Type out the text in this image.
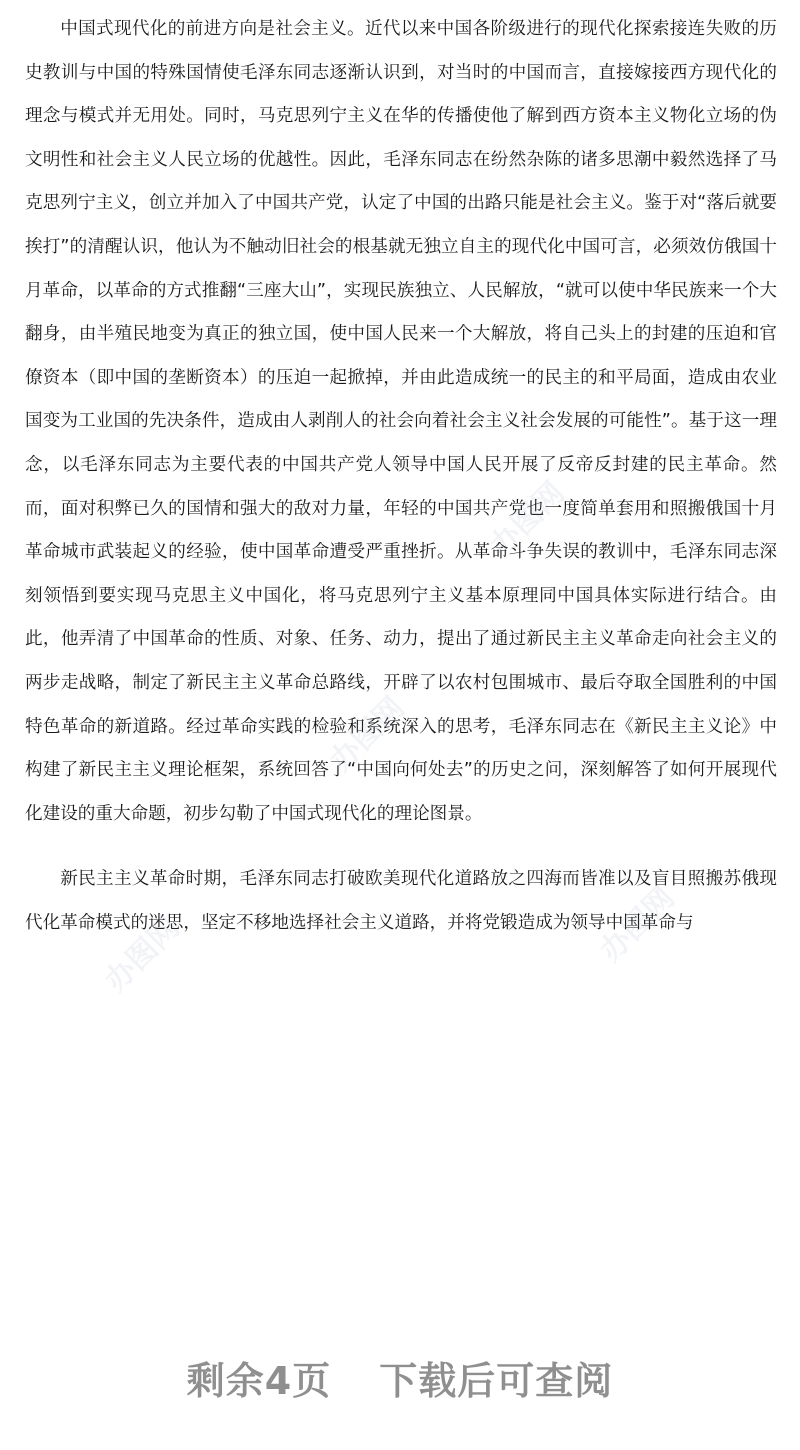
中国式现代化的前进方向是社会主义。近代以来中国各阶级进行的现代化探索接连失败的历史教训与中国的特殊国情使毛泽东同志逐渐认识到，对当时的中国而言，直接嫁接西方现代化的理念与模式并无用处。同时，马克思列宁主义在华的传播使他了解到西方资本主义物化立场的伪文明性和社会主义人民立场的优越性。因此，毛泽东同志在纷然杂陈的诸多思潮中毅然选择了马克思列宁主义，创立并加入了中国共产党，认定了中国的出路只能是社会主义。鉴于对“落后就要挨打”的清醒认识，他认为不触动旧社会的根基就无独立自主的现代化中国可言，必须效仿俄国十月革命，以革命的方式推翻“三座大山”，实现民族独立、人民解放，“就可以使中华民族来一个大翻身，由半殖民地变为真正的独立国，使中国人民来一个大解放，将自己头上的封建的压迫和官僚资本（即中国的垄断资本）的压迫一起掀掉，并由此造成统一的民主的和平局面，造成由农业国变为工业国的先决条件，造成由人剥削人的社会向着社会主义社会发展的可能性”。基于这一理念，以毛泽东同志为主要代表的中国共产党人领导中国人民开展了反帝反封建的民主革命。然而，面对积弊已久的国情和强大的敌对力量，年轻的中国共产党也一度简单套用和照搬俄国十月革命城市武装起义的经验，使中国革命遭受严重挫折。从革命斗争失误的教训中，毛泽东同志深刻领悟到要实现马克思主义中国化，将马克思列宁主义基本原理同中国具体实际进行结合。由此，他弄清了中国革命的性质、对象、任务、动力，提出了通过新民主主义革命走向社会主义的两步走战略，制定了新民主主义革命总路线，开辟了以农村包围城市、最后夺取全国胜利的中国特色革命的新道路。经过革命实践的检验和系统深入的思考，毛泽东同志在《新民主主义论》中构建了新民主主义理论框架，系统回答了“中国向何处去”的历史之问，深刻解答了如何开展现代化建设的重大命题，初步勾勒了中国式现代化的理论图景。

新民主主义革命时期，毛泽东同志打破欧美现代化道路放之四海而皆准以及盲目照搬苏俄现代化革命模式的迷思，坚定不移地选择社会主义道路，并将党锻造成为领导中国革命与

办图网
办图网
办图网	办图网
剩余4页 下载后可查阅
